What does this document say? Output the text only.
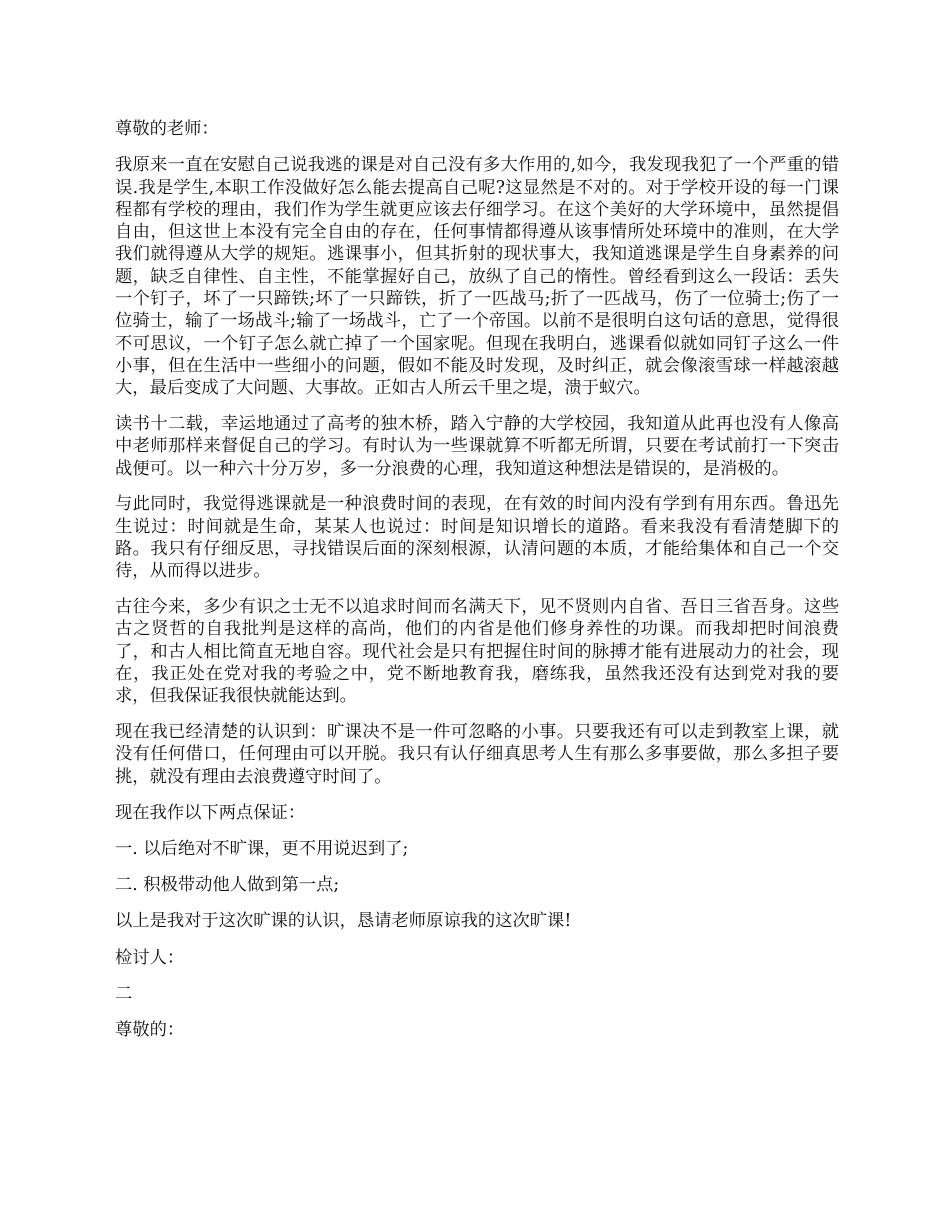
尊敬的老师：

我原来一直在安慰自己说我逃的课是对自己没有多大作用的,如今，我发现我犯了一个严重的错误.我是学生,本职工作没做好怎么能去提高自己呢?这显然是不对的。对于学校开设的每一门课程都有学校的理由，我们作为学生就更应该去仔细学习。在这个美好的大学环境中，虽然提倡自由，但这世上本没有完全自由的存在，任何事情都得遵从该事情所处环境中的准则，在大学我们就得遵从大学的规矩。逃课事小，但其折射的现状事大，我知道逃课是学生自身素养的问题，缺乏自律性、自主性，不能掌握好自己，放纵了自己的惰性。曾经看到这么一段话：丢失一个钉子，坏了一只蹄铁;坏了一只蹄铁，折了一匹战马;折了一匹战马，伤了一位骑士;伤了一位骑士，输了一场战斗;输了一场战斗，亡了一个帝国。以前不是很明白这句话的意思，觉得很不可思议，一个钉子怎么就亡掉了一个国家呢。但现在我明白，逃课看似就如同钉子这么一件小事，但在生活中一些细小的问题，假如不能及时发现，及时纠正，就会像滚雪球一样越滚越大，最后变成了大问题、大事故。正如古人所云千里之堤，溃于蚁穴。

读书十二载，幸运地通过了高考的独木桥，踏入宁静的大学校园，我知道从此再也没有人像高中老师那样来督促自己的学习。有时认为一些课就算不听都无所谓，只要在考试前打一下突击战便可。以一种六十分万岁，多一分浪费的心理，我知道这种想法是错误的，是消极的。

与此同时，我觉得逃课就是一种浪费时间的表现，在有效的时间内没有学到有用东西。鲁迅先生说过：时间就是生命，某某人也说过：时间是知识增长的道路。看来我没有看清楚脚下的路。我只有仔细反思，寻找错误后面的深刻根源，认清问题的本质，才能给集体和自己一个交待，从而得以进步。

古往今来，多少有识之士无不以追求时间而名满天下，见不贤则内自省、吾日三省吾身。这些古之贤哲的自我批判是这样的高尚，他们的内省是他们修身养性的功课。而我却把时间浪费了，和古人相比简直无地自容。现代社会是只有把握住时间的脉搏才能有进展动力的社会，现在，我正处在党对我的考验之中，党不断地教育我，磨练我，虽然我还没有达到党对我的要求，但我保证我很快就能达到。

现在我已经清楚的认识到：旷课决不是一件可忽略的小事。只要我还有可以走到教室上课，就没有任何借口，任何理由可以开脱。我只有认仔细真思考人生有那么多事要做，那么多担子要挑，就没有理由去浪费遵守时间了。

现在我作以下两点保证：

一. 以后绝对不旷课，更不用说迟到了;

二. 积极带动他人做到第一点;

以上是我对于这次旷课的认识，恳请老师原谅我的这次旷课!

检讨人：

二

尊敬的：
